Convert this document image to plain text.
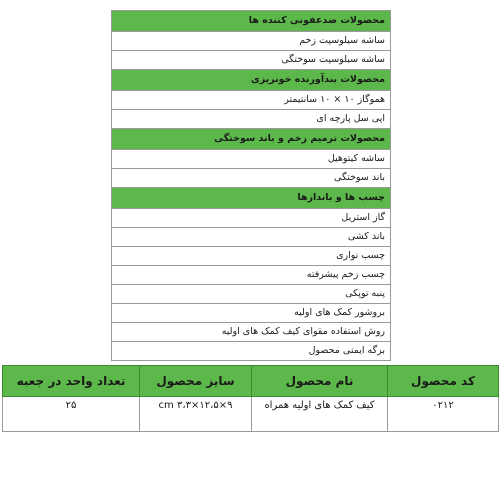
محصولات ضدعفونی کننده ها
ساشه سیلوسپت زخم
ساشه سیلوسپت سوختگی
محصولات بندآورنده خونریزی
هموگاز ۱۰ × ۱۰ سانتیمتر
اپی سل پارچه ای
محصولات ترمیم زخم و باند سوختگی
ساشه کیتوهیل
باند سوختگی
چسب ها و باندازها
گاز استریل
باند کشی
چسب نواری
چسب زخم پیشرفته
پنبه توپکی
بروشور کمک های اولیه
روش استفاده مقوای کیف کمک های اولیه
برگه ایمنی محصول
کد محصول	نام محصول	سایز محصول	تعداد واحد در جعبه
۰۲۱۲	کیف کمک های اولیه همراه	۹×۱۲،۵×۳،۳ cm	۲۵
